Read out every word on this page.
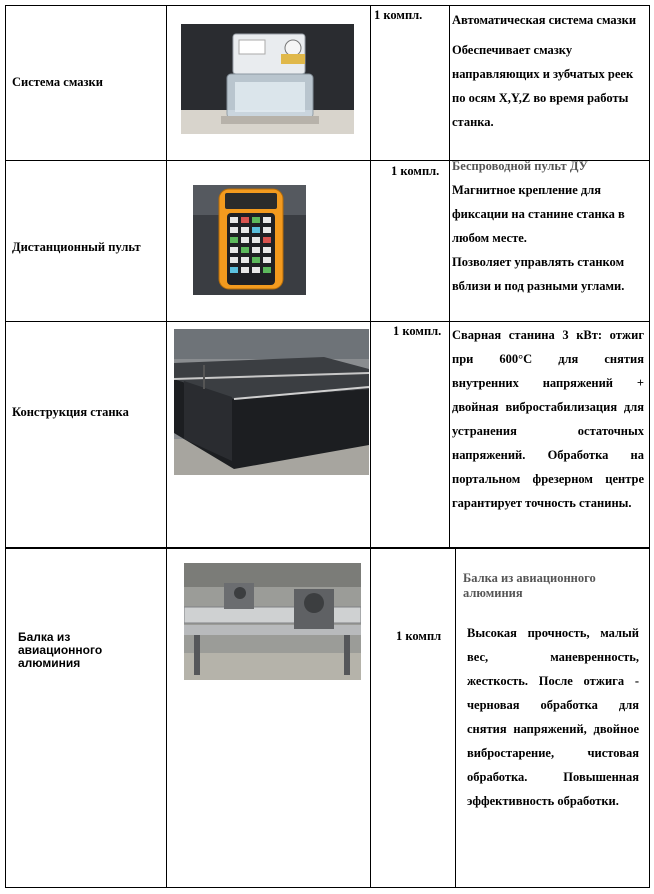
Система смазки
1 компл. Автоматическая система смазки

Обеспечивает смазку направляющих и зубчатых реек по осям X,Y,Z во время работы станка.

Дистанционный пульт
1 компл. Беспроводной пульт ДУ

Магнитное крепление для фиксации на станине станка в любом месте.

Позволяет управлять станком вблизи и под разными углами.

Конструкция станка
1 компл. Сварная станина 3 кВт: отжиг при 600°C для снятия внутренних напряжений + двойная вибростабилизация для устранения остаточных напряжений. Обработка на портальном фрезерном центре гарантирует точность станины.

Балка из авиационного алюминия
1 компл
Балка из авиационного алюминия

Высокая прочность, малый вес, маневренность, жесткость. После отжига - черновая обработка для снятия напряжений, двойное вибростарение, чистовая обработка. Повышенная эффективность обработки.
